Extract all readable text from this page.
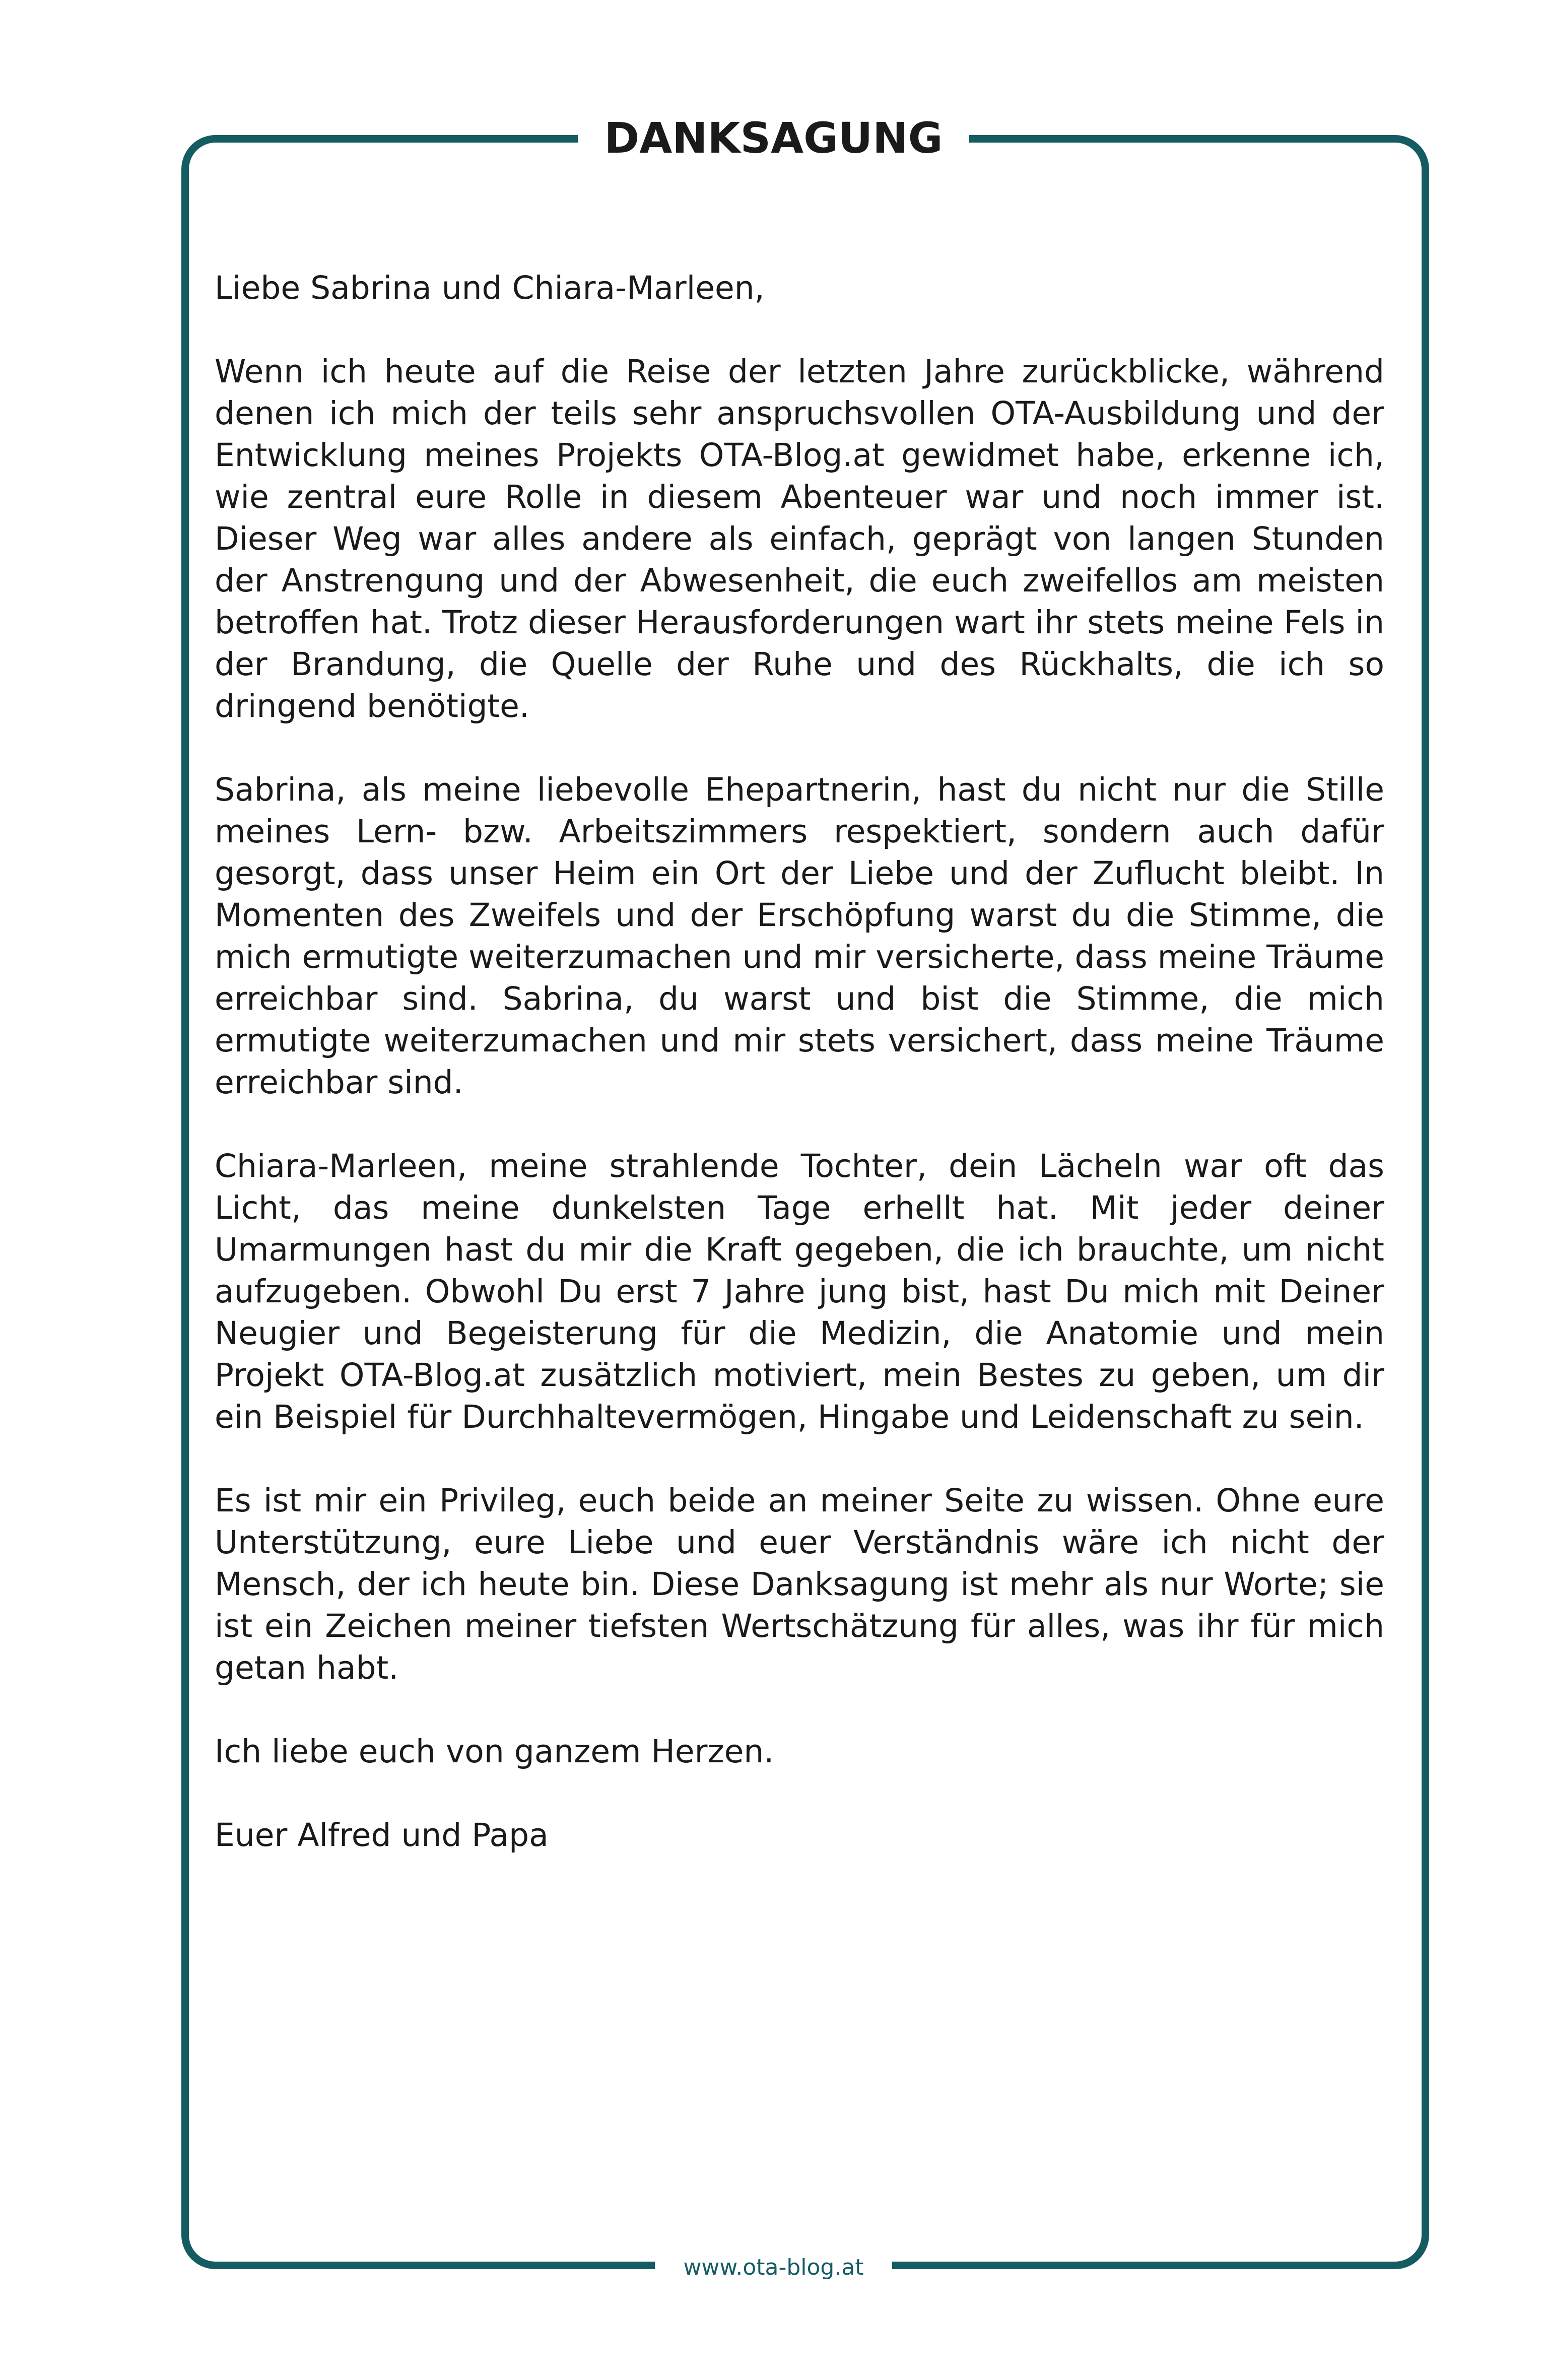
DANKSAGUNG

Liebe Sabrina und Chiara-Marleen,

Wenn ich heute auf die Reise der letzten Jahre zurückblicke, während denen ich mich der teils sehr anspruchsvollen OTA-Ausbildung und der Entwicklung meines Projekts OTA-Blog.at gewidmet habe, erkenne ich, wie zentral eure Rolle in diesem Abenteuer war und noch immer ist. Dieser Weg war alles andere als einfach, geprägt von langen Stunden der Anstrengung und der Abwesenheit, die euch zweifellos am meisten betroffen hat. Trotz dieser Herausforderungen wart ihr stets meine Fels in der Brandung, die Quelle der Ruhe und des Rückhalts, die ich so dringend benötigte.

Sabrina, als meine liebevolle Ehepartnerin, hast du nicht nur die Stille meines Lern- bzw. Arbeitszimmers respektiert, sondern auch dafür gesorgt, dass unser Heim ein Ort der Liebe und der Zuflucht bleibt. In Momenten des Zweifels und der Erschöpfung warst du die Stimme, die mich ermutigte weiterzumachen und mir versicherte, dass meine Träume erreichbar sind. Sabrina, du warst und bist die Stimme, die mich ermutigte weiterzumachen und mir stets versichert, dass meine Träume erreichbar sind.

Chiara-Marleen, meine strahlende Tochter, dein Lächeln war oft das Licht, das meine dunkelsten Tage erhellt hat. Mit jeder deiner Umarmungen hast du mir die Kraft gegeben, die ich brauchte, um nicht aufzugeben. Obwohl Du erst 7 Jahre jung bist, hast Du mich mit Deiner Neugier und Begeisterung für die Medizin, die Anatomie und mein Projekt OTA-Blog.at zusätzlich motiviert, mein Bestes zu geben, um dir ein Beispiel für Durchhaltevermögen, Hingabe und Leidenschaft zu sein.

Es ist mir ein Privileg, euch beide an meiner Seite zu wissen. Ohne eure Unterstützung, eure Liebe und euer Verständnis wäre ich nicht der Mensch, der ich heute bin. Diese Danksagung ist mehr als nur Worte; sie ist ein Zeichen meiner tiefsten Wertschätzung für alles, was ihr für mich getan habt.

Ich liebe euch von ganzem Herzen.

Euer Alfred und Papa

www.ota-blog.at
